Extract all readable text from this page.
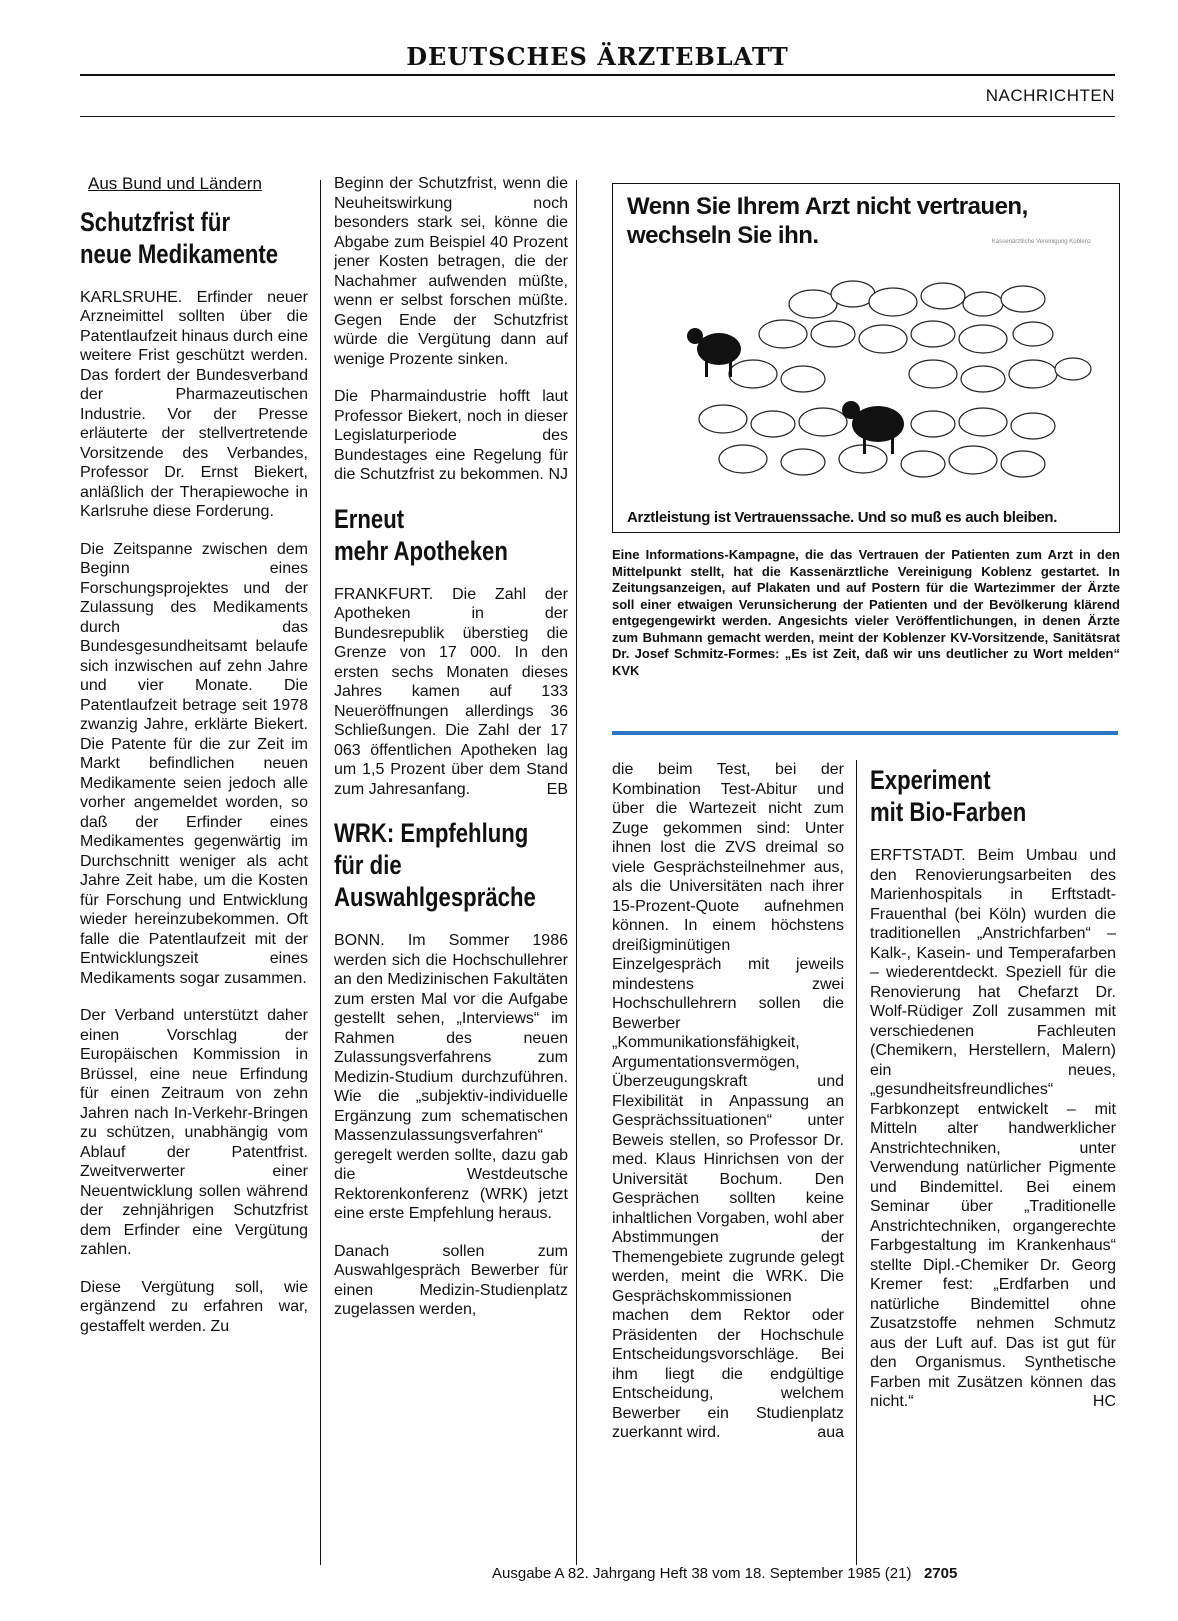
DEUTSCHES ÄRZTEBLATT
NACHRICHTEN
Aus Bund und Ländern
Schutzfrist für
neue Medikamente

KARLSRUHE. Erfinder neuer Arzneimittel sollten über die Patentlaufzeit hinaus durch eine weitere Frist geschützt werden. Das fordert der Bundesverband der Pharmazeutischen Industrie. Vor der Presse erläuterte der stellvertretende Vorsitzende des Verbandes, Professor Dr. Ernst Biekert, anläßlich der Therapiewoche in Karlsruhe diese Forderung.

Die Zeitspanne zwischen dem Beginn eines Forschungsprojektes und der Zulassung des Medikaments durch das Bundesgesundheitsamt belaufe sich inzwischen auf zehn Jahre und vier Monate. Die Patentlaufzeit betrage seit 1978 zwanzig Jahre, erklärte Biekert. Die Patente für die zur Zeit im Markt befindlichen neuen Medikamente seien jedoch alle vorher angemeldet worden, so daß der Erfinder eines Medikamentes gegenwärtig im Durchschnitt weniger als acht Jahre Zeit habe, um die Kosten für Forschung und Entwicklung wieder hereinzubekommen. Oft falle die Patentlaufzeit mit der Entwicklungszeit eines Medikaments sogar zusammen.

Der Verband unterstützt daher einen Vorschlag der Europäischen Kommission in Brüssel, eine neue Erfindung für einen Zeitraum von zehn Jahren nach In-Verkehr-Bringen zu schützen, unabhängig vom Ablauf der Patentfrist. Zweitverwerter einer Neuentwicklung sollen während der zehnjährigen Schutzfrist dem Erfinder eine Vergütung zahlen.

Diese Vergütung soll, wie ergänzend zu erfahren war, gestaffelt werden. Zu

Beginn der Schutzfrist, wenn die Neuheitswirkung noch besonders stark sei, könne die Abgabe zum Beispiel 40 Prozent jener Kosten betragen, die der Nachahmer aufwenden müßte, wenn er selbst forschen müßte. Gegen Ende der Schutzfrist würde die Vergütung dann auf wenige Prozente sinken.

Die Pharmaindustrie hofft laut Professor Biekert, noch in dieser Legislaturperiode des Bundestages eine Regelung für die Schutzfrist zu bekommen. NJ

Erneut
mehr Apotheken

FRANKFURT. Die Zahl der Apotheken in der Bundesrepublik überstieg die Grenze von 17 000. In den ersten sechs Monaten dieses Jahres kamen auf 133 Neueröffnungen allerdings 36 Schließungen. Die Zahl der 17 063 öffentlichen Apotheken lag um 1,5 Prozent über dem Stand zum Jahresanfang.	EB

WRK: Empfehlung
für die
Auswahlgespräche

BONN. Im Sommer 1986 werden sich die Hochschullehrer an den Medizinischen Fakultäten zum ersten Mal vor die Aufgabe gestellt sehen, „Interviews“ im Rahmen des neuen Zulassungsverfahrens zum Medizin-Studium durchzuführen. Wie die „subjektiv-individuelle Ergänzung zum schematischen Massenzulassungsverfahren“ geregelt werden sollte, dazu gab die Westdeutsche Rektorenkonferenz (WRK) jetzt eine erste Empfehlung heraus.

Danach sollen zum Auswahlgespräch Bewerber für einen Medizin-Studienplatz zugelassen werden,

Wenn Sie Ihrem Arzt nicht vertrauen,
wechseln Sie ihn.	Kassenärztliche Vereinigung Koblenz
Arztleistung ist Vertrauenssache. Und so muß es auch bleiben.
Eine Informations-Kampagne, die das Vertrauen der Patienten zum Arzt in den Mittelpunkt stellt, hat die Kassenärztliche Vereinigung Koblenz gestartet. In Zeitungsanzeigen, auf Plakaten und auf Postern für die Wartezimmer der Ärzte soll einer etwaigen Verunsicherung der Patienten und der Bevölkerung klärend entgegengewirkt werden. Angesichts vieler Veröffentlichungen, in denen Ärzte zum Buhmann gemacht werden, meint der Koblenzer KV-Vorsitzende, Sanitätsrat Dr. Josef Schmitz-Formes: „Es ist Zeit, daß wir uns deutlicher zu Wort melden“ KVK

die beim Test, bei der Kombination Test-Abitur und über die Wartezeit nicht zum Zuge gekommen sind: Unter ihnen lost die ZVS dreimal so viele Gesprächsteilnehmer aus, als die Universitäten nach ihrer 15-Prozent-Quote aufnehmen können. In einem höchstens dreißigminütigen Einzelgespräch mit jeweils mindestens zwei Hochschullehrern sollen die Bewerber „Kommunikationsfähigkeit, Argumentationsvermögen, Überzeugungskraft und Flexibilität in Anpassung an Gesprächssituationen“ unter Beweis stellen, so Professor Dr. med. Klaus Hinrichsen von der Universität Bochum. Den Gesprächen sollten keine inhaltlichen Vorgaben, wohl aber Abstimmungen der Themengebiete zugrunde gelegt werden, meint die WRK. Die Gesprächskommissionen machen dem Rektor oder Präsidenten der Hochschule Entscheidungsvorschläge. Bei ihm liegt die endgültige Entscheidung, welchem Bewerber ein Studienplatz zuerkannt wird.	aua

Experiment
mit Bio-Farben

ERFTSTADT. Beim Umbau und den Renovierungsarbeiten des Marienhospitals in Erftstadt-Frauenthal (bei Köln) wurden die traditionellen „Anstrichfarben“ – Kalk-, Kasein- und Temperafarben – wiederentdeckt. Speziell für die Renovierung hat Chefarzt Dr. Wolf-Rüdiger Zoll zusammen mit verschiedenen Fachleuten (Chemikern, Herstellern, Malern) ein neues, „gesundheitsfreundliches“ Farbkonzept entwickelt – mit Mitteln alter handwerklicher Anstrichtechniken, unter Verwendung natürlicher Pigmente und Bindemittel. Bei einem Seminar über „Traditionelle Anstrichtechniken, organgerechte Farbgestaltung im Krankenhaus“ stellte Dipl.-Chemiker Dr. Georg Kremer fest: „Erdfarben und natürliche Bindemittel ohne Zusatzstoffe nehmen Schmutz aus der Luft auf. Das ist gut für den Organismus. Synthetische Farben mit Zusätzen können das nicht.“	HC

Ausgabe A 82. Jahrgang Heft 38 vom 18. September 1985 (21) 2705
